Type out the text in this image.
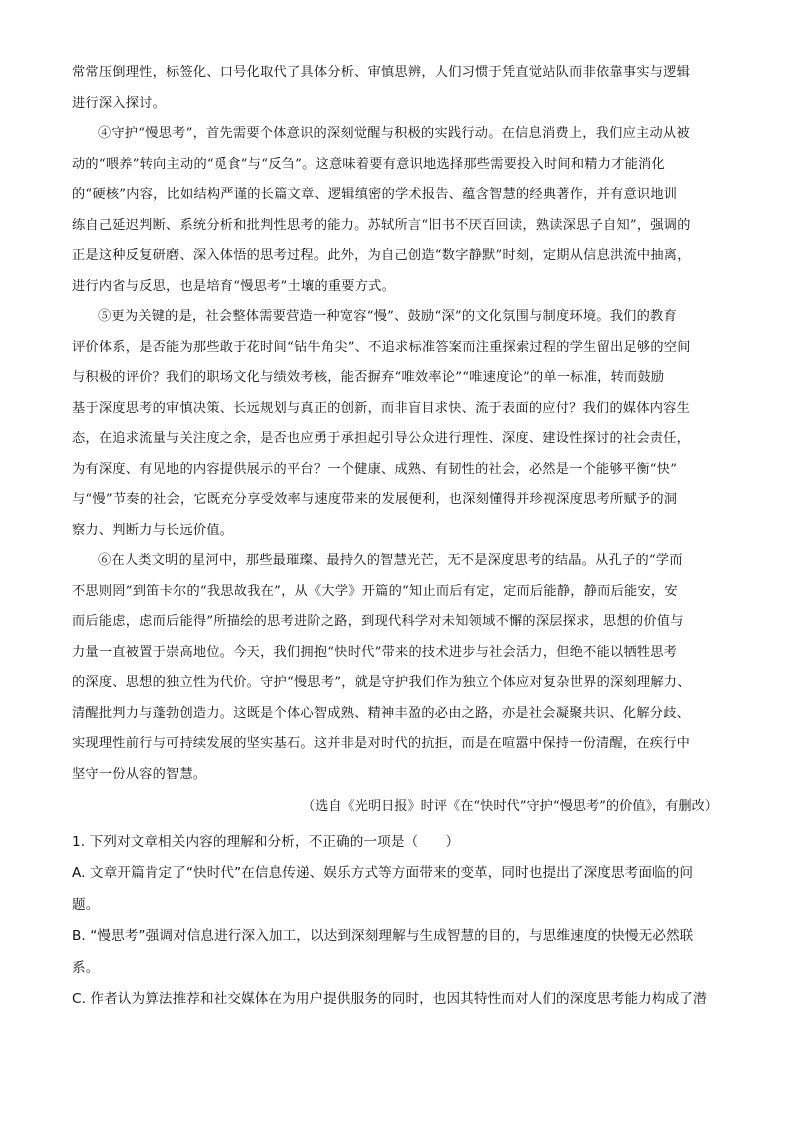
常常压倒理性，标签化、口号化取代了具体分析、审慎思辨，人们习惯于凭直觉站队而非依靠事实与逻辑
进行深入探讨。
④守护“慢思考”，首先需要个体意识的深刻觉醒与积极的实践行动。在信息消费上，我们应主动从被
动的“喂养”转向主动的“觅食”与“反刍”。这意味着要有意识地选择那些需要投入时间和精力才能消化
的“硬核”内容，比如结构严谨的长篇文章、逻辑缜密的学术报告、蕴含智慧的经典著作，并有意识地训
练自己延迟判断、系统分析和批判性思考的能力。苏轼所言“旧书不厌百回读，熟读深思子自知”，强调的
正是这种反复研磨、深入体悟的思考过程。此外，为自己创造“数字静默”时刻，定期从信息洪流中抽离，
进行内省与反思，也是培育“慢思考”土壤的重要方式。
⑤更为关键的是，社会整体需要营造一种宽容“慢”、鼓励“深”的文化氛围与制度环境。我们的教育
评价体系，是否能为那些敢于花时间“钻牛角尖”、不追求标准答案而注重探索过程的学生留出足够的空间
与积极的评价？我们的职场文化与绩效考核，能否摒弃“唯效率论”“唯速度论”的单一标准，转而鼓励
基于深度思考的审慎决策、长远规划与真正的创新，而非盲目求快、流于表面的应付？我们的媒体内容生
态，在追求流量与关注度之余，是否也应勇于承担起引导公众进行理性、深度、建设性探讨的社会责任，
为有深度、有见地的内容提供展示的平台？一个健康、成熟、有韧性的社会，必然是一个能够平衡“快”
与“慢”节奏的社会，它既充分享受效率与速度带来的发展便利，也深刻懂得并珍视深度思考所赋予的洞
察力、判断力与长远价值。
⑥在人类文明的星河中，那些最璀璨、最持久的智慧光芒，无不是深度思考的结晶。从孔子的“学而
不思则罔”到笛卡尔的“我思故我在”，从《大学》开篇的“知止而后有定，定而后能静，静而后能安，安
而后能虑，虑而后能得”所描绘的思考进阶之路，到现代科学对未知领域不懈的深层探求，思想的价值与
力量一直被置于崇高地位。今天，我们拥抱“快时代”带来的技术进步与社会活力，但绝不能以牺牲思考
的深度、思想的独立性为代价。守护“慢思考”，就是守护我们作为独立个体应对复杂世界的深刻理解力、
清醒批判力与蓬勃创造力。这既是个体心智成熟、精神丰盈的必由之路，亦是社会凝聚共识、化解分歧、
实现理性前行与可持续发展的坚实基石。这并非是对时代的抗拒，而是在喧嚣中保持一份清醒，在疾行中
坚守一份从容的智慧。
（选自《光明日报》时评《在“快时代”守护“慢思考”的价值》，有删改）
1. 下列对文章相关内容的理解和分析，不正确的一项是（　　）
A. 文章开篇肯定了“快时代”在信息传递、娱乐方式等方面带来的变革，同时也提出了深度思考面临的问
题。
B. “慢思考”强调对信息进行深入加工，以达到深刻理解与生成智慧的目的，与思维速度的快慢无必然联
系。
C. 作者认为算法推荐和社交媒体在为用户提供服务的同时，也因其特性而对人们的深度思考能力构成了潜
